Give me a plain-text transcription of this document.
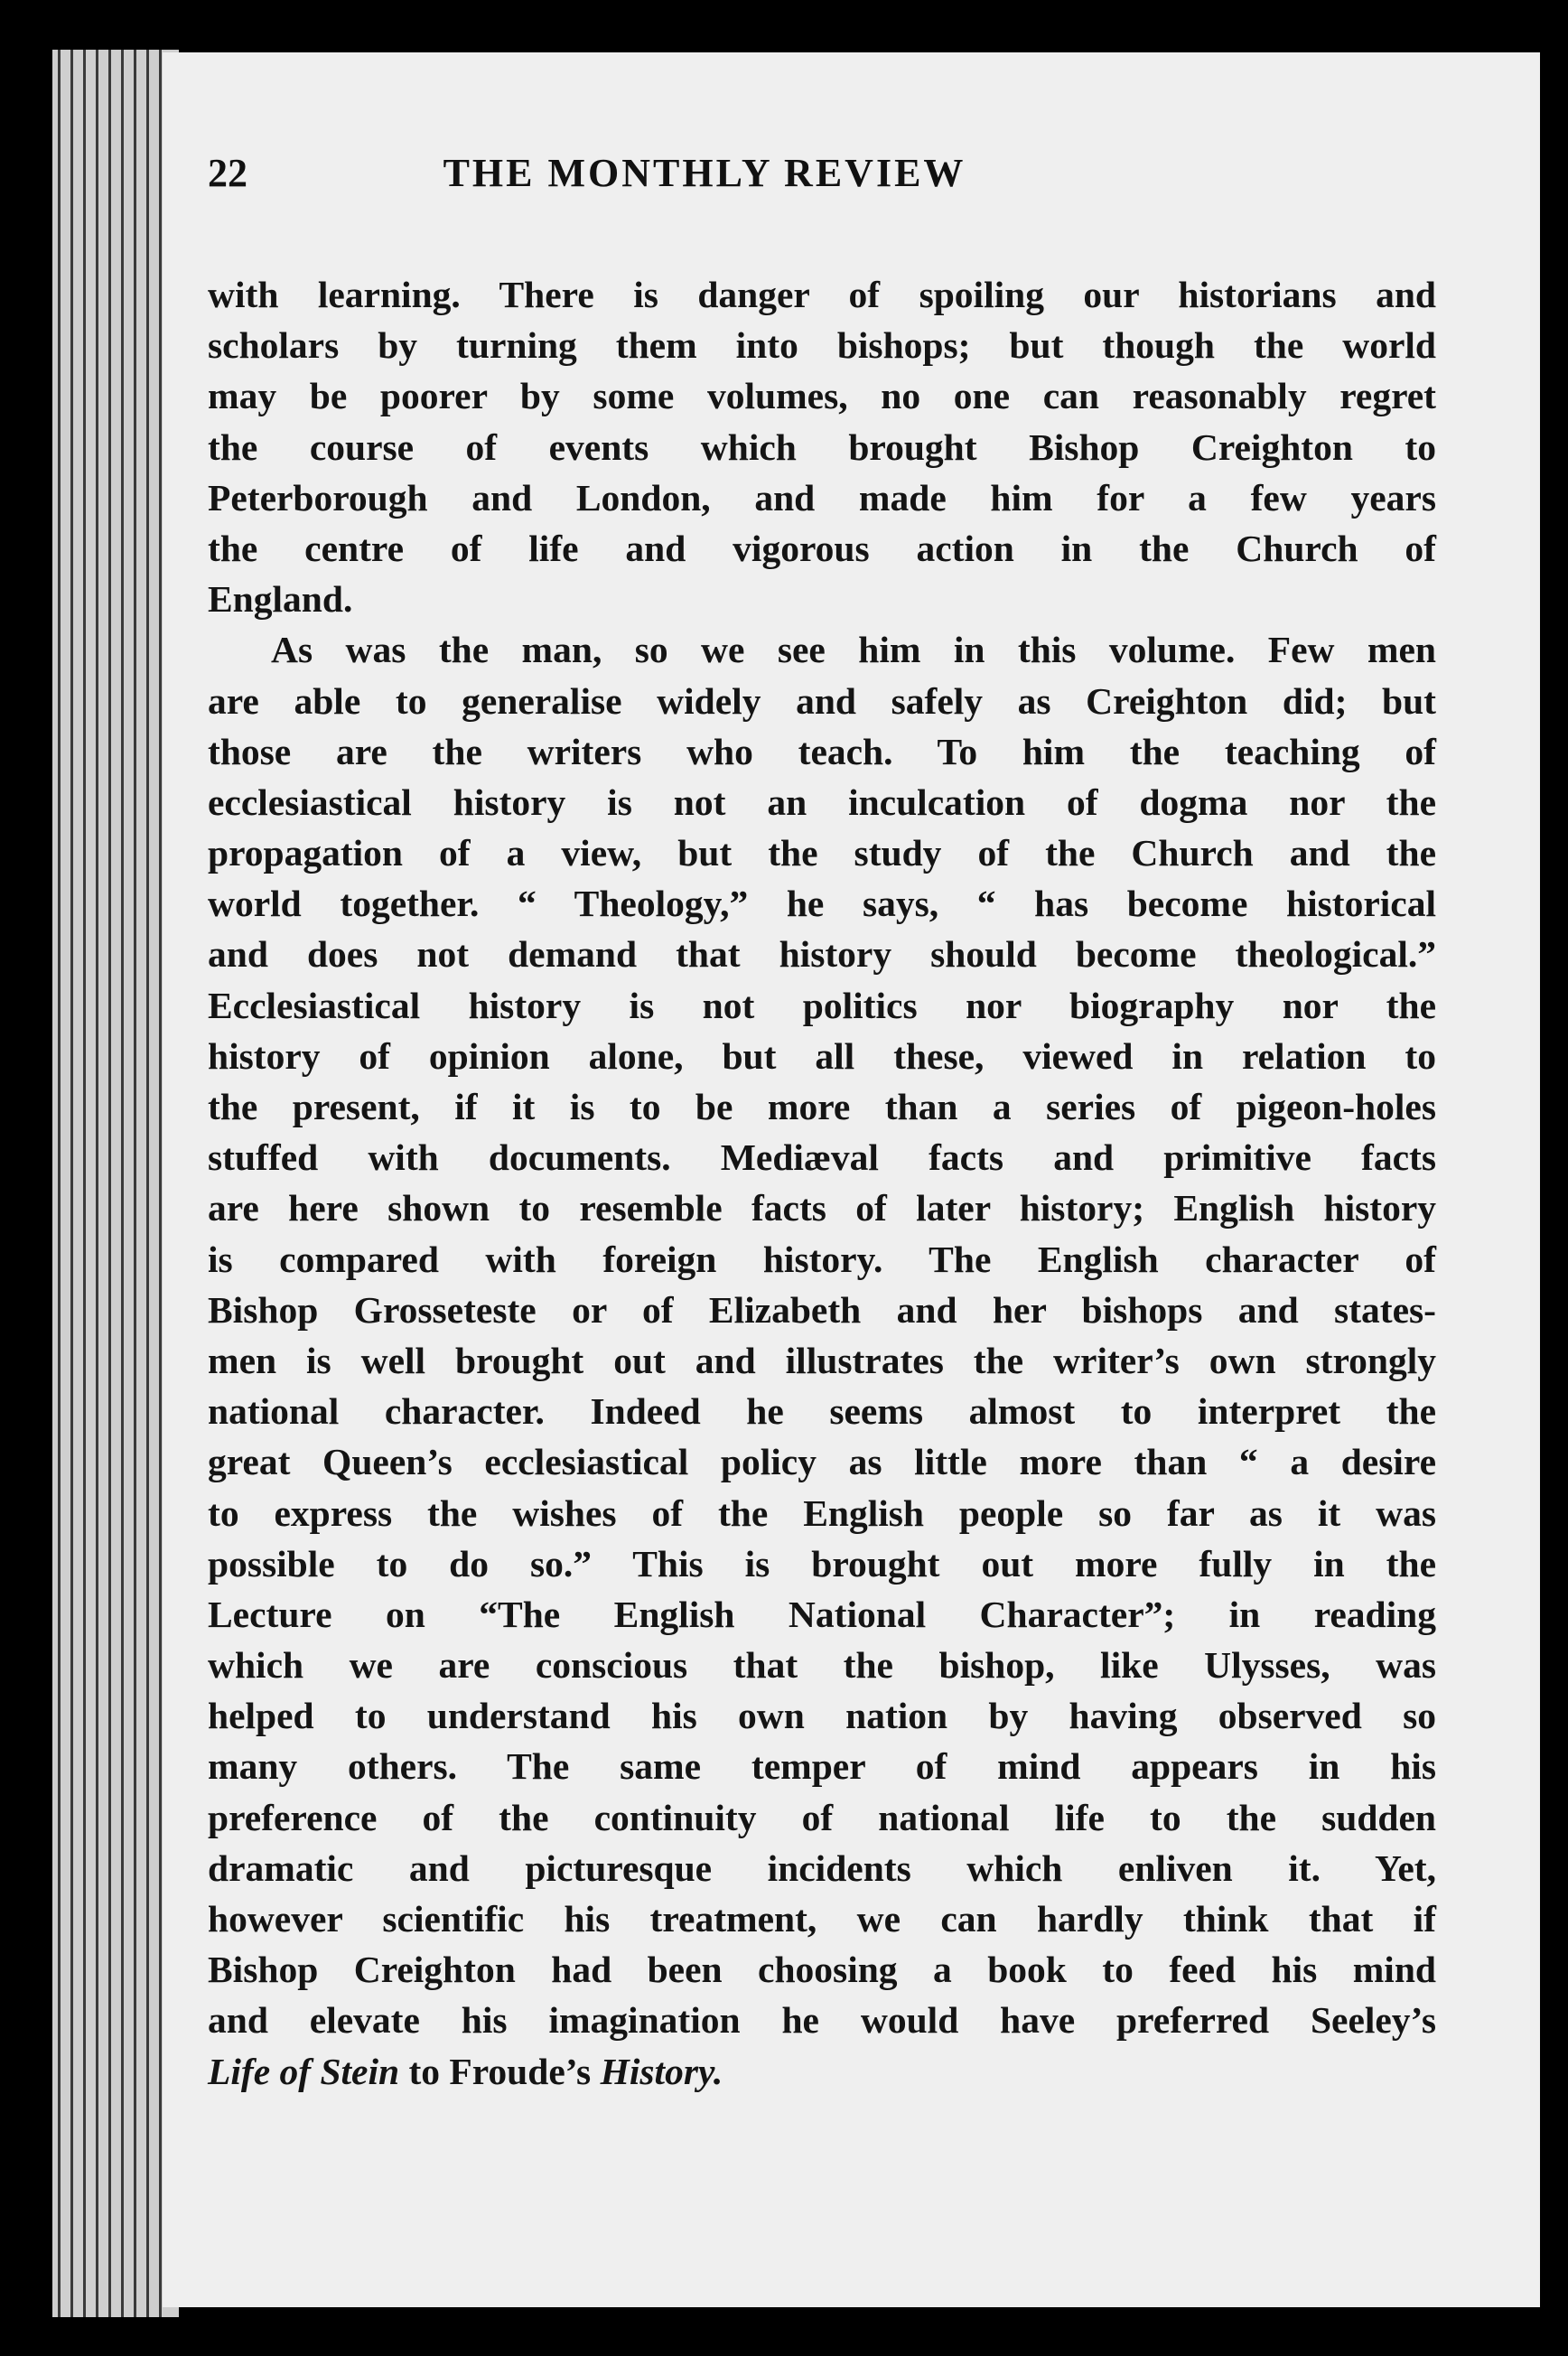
22	THE MONTHLY REVIEW
with learning. There is danger of spoiling our historians and
scholars by turning them into bishops; but though the world
may be poorer by some volumes, no one can reasonably regret
the course of events which brought Bishop Creighton to
Peterborough and London, and made him for a few years
the centre of life and vigorous action in the Church of
England.
As was the man, so we see him in this volume. Few men
are able to generalise widely and safely as Creighton did; but
those are the writers who teach. To him the teaching of
ecclesiastical history is not an inculcation of dogma nor the
propagation of a view, but the study of the Church and the
world together. “ Theology,” he says, “ has become historical
and does not demand that history should become theological.”
Ecclesiastical history is not politics nor biography nor the
history of opinion alone, but all these, viewed in relation to
the present, if it is to be more than a series of pigeon-holes
stuffed with documents. Mediæval facts and primitive facts
are here shown to resemble facts of later history; English history
is compared with foreign history. The English character of
Bishop Grosseteste or of Elizabeth and her bishops and states-
men is well brought out and illustrates the writer’s own strongly
national character. Indeed he seems almost to interpret the
great Queen’s ecclesiastical policy as little more than “ a desire
to express the wishes of the English people so far as it was
possible to do so.” This is brought out more fully in the
Lecture on “The English National Character”; in reading
which we are conscious that the bishop, like Ulysses, was
helped to understand his own nation by having observed so
many others. The same temper of mind appears in his
preference of the continuity of national life to the sudden
dramatic and picturesque incidents which enliven it. Yet,
however scientific his treatment, we can hardly think that if
Bishop Creighton had been choosing a book to feed his mind
and elevate his imagination he would have preferred Seeley’s
Life of Stein to Froude’s History.
